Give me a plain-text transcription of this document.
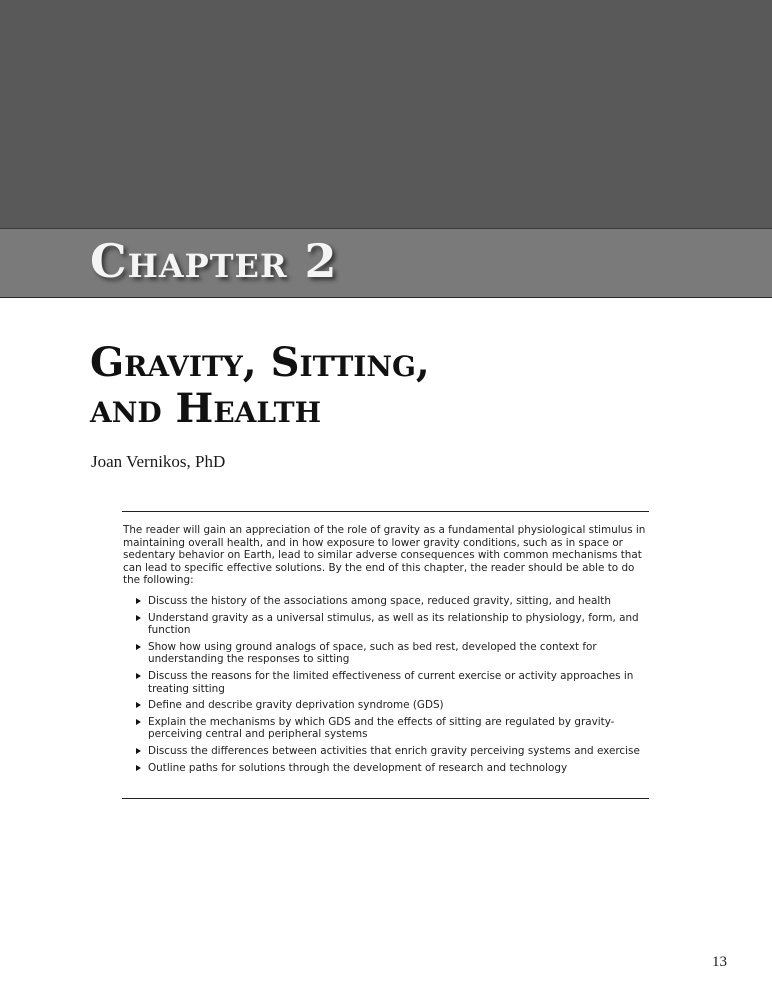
Chapter 2
Gravity, Sitting,
and Health
Joan Vernikos, PhD

The reader will gain an appreciation of the role of gravity as a fundamental physiological stimulus in maintaining overall health, and in how exposure to lower gravity conditions, such as in space or sedentary behavior on Earth, lead to similar adverse consequences with common mechanisms that can lead to specific effective solutions. By the end of this chapter, the reader should be able to do the following:

Discuss the history of the associations among space, reduced gravity, sitting, and health
Understand gravity as a universal stimulus, as well as its relationship to physiology, form, and function
Show how using ground analogs of space, such as bed rest, developed the context for understanding the responses to sitting
Discuss the reasons for the limited effectiveness of current exercise or activity approaches in treating sitting
Define and describe gravity deprivation syndrome (GDS)
Explain the mechanisms by which GDS and the effects of sitting are regulated by gravity-perceiving central and peripheral systems
Discuss the differences between activities that enrich gravity perceiving systems and exercise
Outline paths for solutions through the development of research and technology
13
